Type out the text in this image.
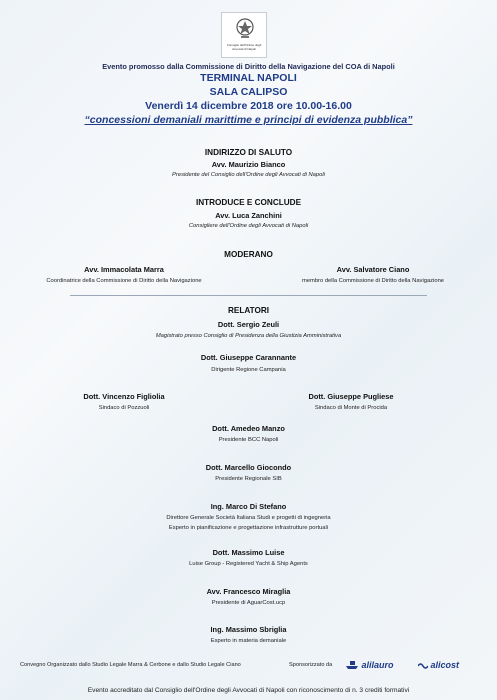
Consiglio dell'Ordine degli Avvocati di Napoli
Evento promosso dalla Commissione di Diritto della Navigazione del COA di Napoli
TERMINAL NAPOLI
SALA CALIPSO
Venerdì 14 dicembre 2018 ore 10.00-16.00
“concessioni demaniali marittime e principi di evidenza pubblica”
INDIRIZZO DI SALUTO
Avv. Maurizio Bianco
Presidente del Consiglio dell'Ordine degli Avvocati di Napoli
INTRODUCE E CONCLUDE
Avv. Luca Zanchini
Consigliere dell'Ordine degli Avvocati di Napoli
MODERANO
Avv. Immacolata Marra
Coordinatrice della Commissione di Diritto della Navigazione
Avv. Salvatore Ciano
membro della Commissione di Diritto della Navigazione
RELATORI
Dott. Sergio Zeuli
Magistrato presso Consiglio di Presidenza della Giustizia Amministrativa
Dott. Giuseppe Carannante
Dirigente Regione Campania
Dott. Vincenzo Figliolia
Sindaco di Pozzuoli
Dott. Giuseppe Pugliese
Sindaco di Monte di Procida
Dott. Amedeo Manzo
Presidente BCC Napoli
Dott. Marcello Giocondo
Presidente Regionale SIB
Ing. Marco Di Stefano
Direttore Generale Società Italiana Studi e progetti di ingegneria
Esperto in pianificazione e progettazione infrastrutture portuali
Dott. Massimo Luise
Luise Group - Registered Yacht & Ship Agents
Avv. Francesco Miraglia
Presidente di AguarCost.ucp
Ing. Massimo Sbriglia
Esperto in materia demaniale
Convegno Organizzato dallo Studio Legale Marra & Cerbone e dallo Studio Legale Ciano	Sponsorizzato da	alilauro	alicost
Evento accreditato dal Consiglio dell'Ordine degli Avvocati di Napoli con riconoscimento di n. 3 crediti formativi
